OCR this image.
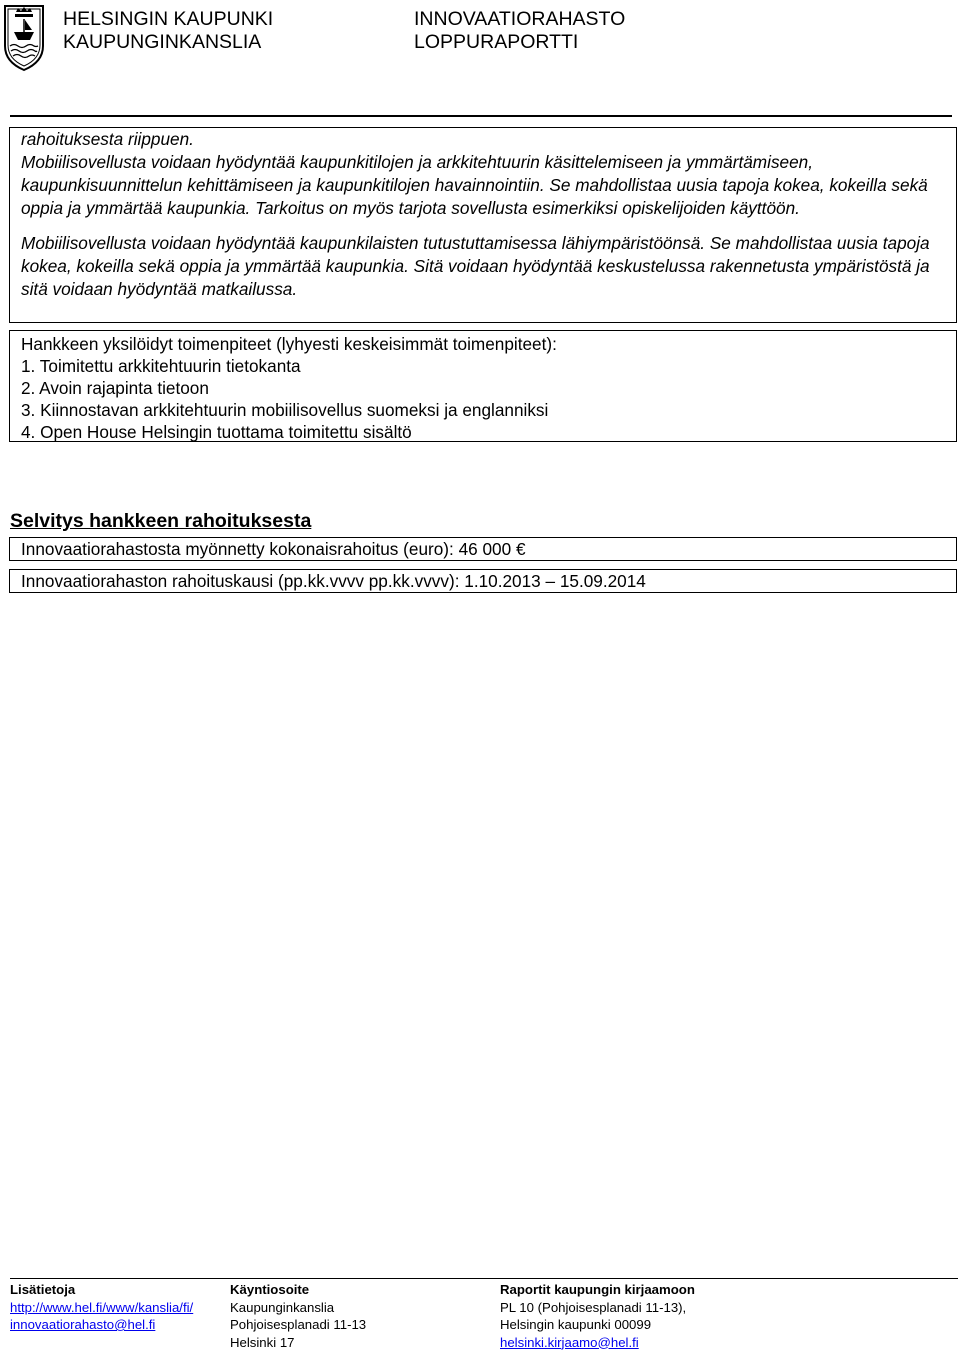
HELSINGIN KAUPUNKI
KAUPUNGINKANSLIA
INNOVAATIORAHASTO
LOPPURAPORTTI

rahoituksesta riippuen.
Mobiilisovellusta voidaan hyödyntää kaupunkitilojen ja arkkitehtuurin käsittelemiseen ja ymmärtämiseen, kaupunkisuunnittelun kehittämiseen ja kaupunkitilojen havainnointiin. Se mahdollistaa uusia tapoja kokea, kokeilla sekä oppia ja ymmärtää kaupunkia. Tarkoitus on myös tarjota sovellusta esimerkiksi opiskelijoiden käyttöön.

Mobiilisovellusta voidaan hyödyntää kaupunkilaisten tutustuttamisessa lähiympäristöönsä. Se mahdollistaa uusia tapoja kokea, kokeilla sekä oppia ja ymmärtää kaupunkia. Sitä voidaan hyödyntää keskustelussa rakennetusta ympäristöstä ja sitä voidaan hyödyntää matkailussa.

Hankkeen yksilöidyt toimenpiteet (lyhyesti keskeisimmät toimenpiteet):
1. Toimitettu arkkitehtuurin tietokanta
2. Avoin rajapinta tietoon
3. Kiinnostavan arkkitehtuurin mobiilisovellus suomeksi ja englanniksi
4. Open House Helsingin tuottama toimitettu sisältö
Selvitys hankkeen rahoituksesta
Innovaatiorahastosta myönnetty kokonaisrahoitus (euro): 46 000 €
Innovaatiorahaston rahoituskausi (pp.kk.vvvv pp.kk.vvvv): 1.10.2013 – 15.09.2014
Lisätietoja
http://www.hel.fi/www/kanslia/fi/
innovaatiorahasto@hel.fi
Käyntiosoite
Kaupunginkanslia
Pohjoisesplanadi 11-13
Helsinki 17
Raportit kaupungin kirjaamoon
PL 10 (Pohjoisesplanadi 11-13),
Helsingin kaupunki 00099
helsinki.kirjaamo@hel.fi
